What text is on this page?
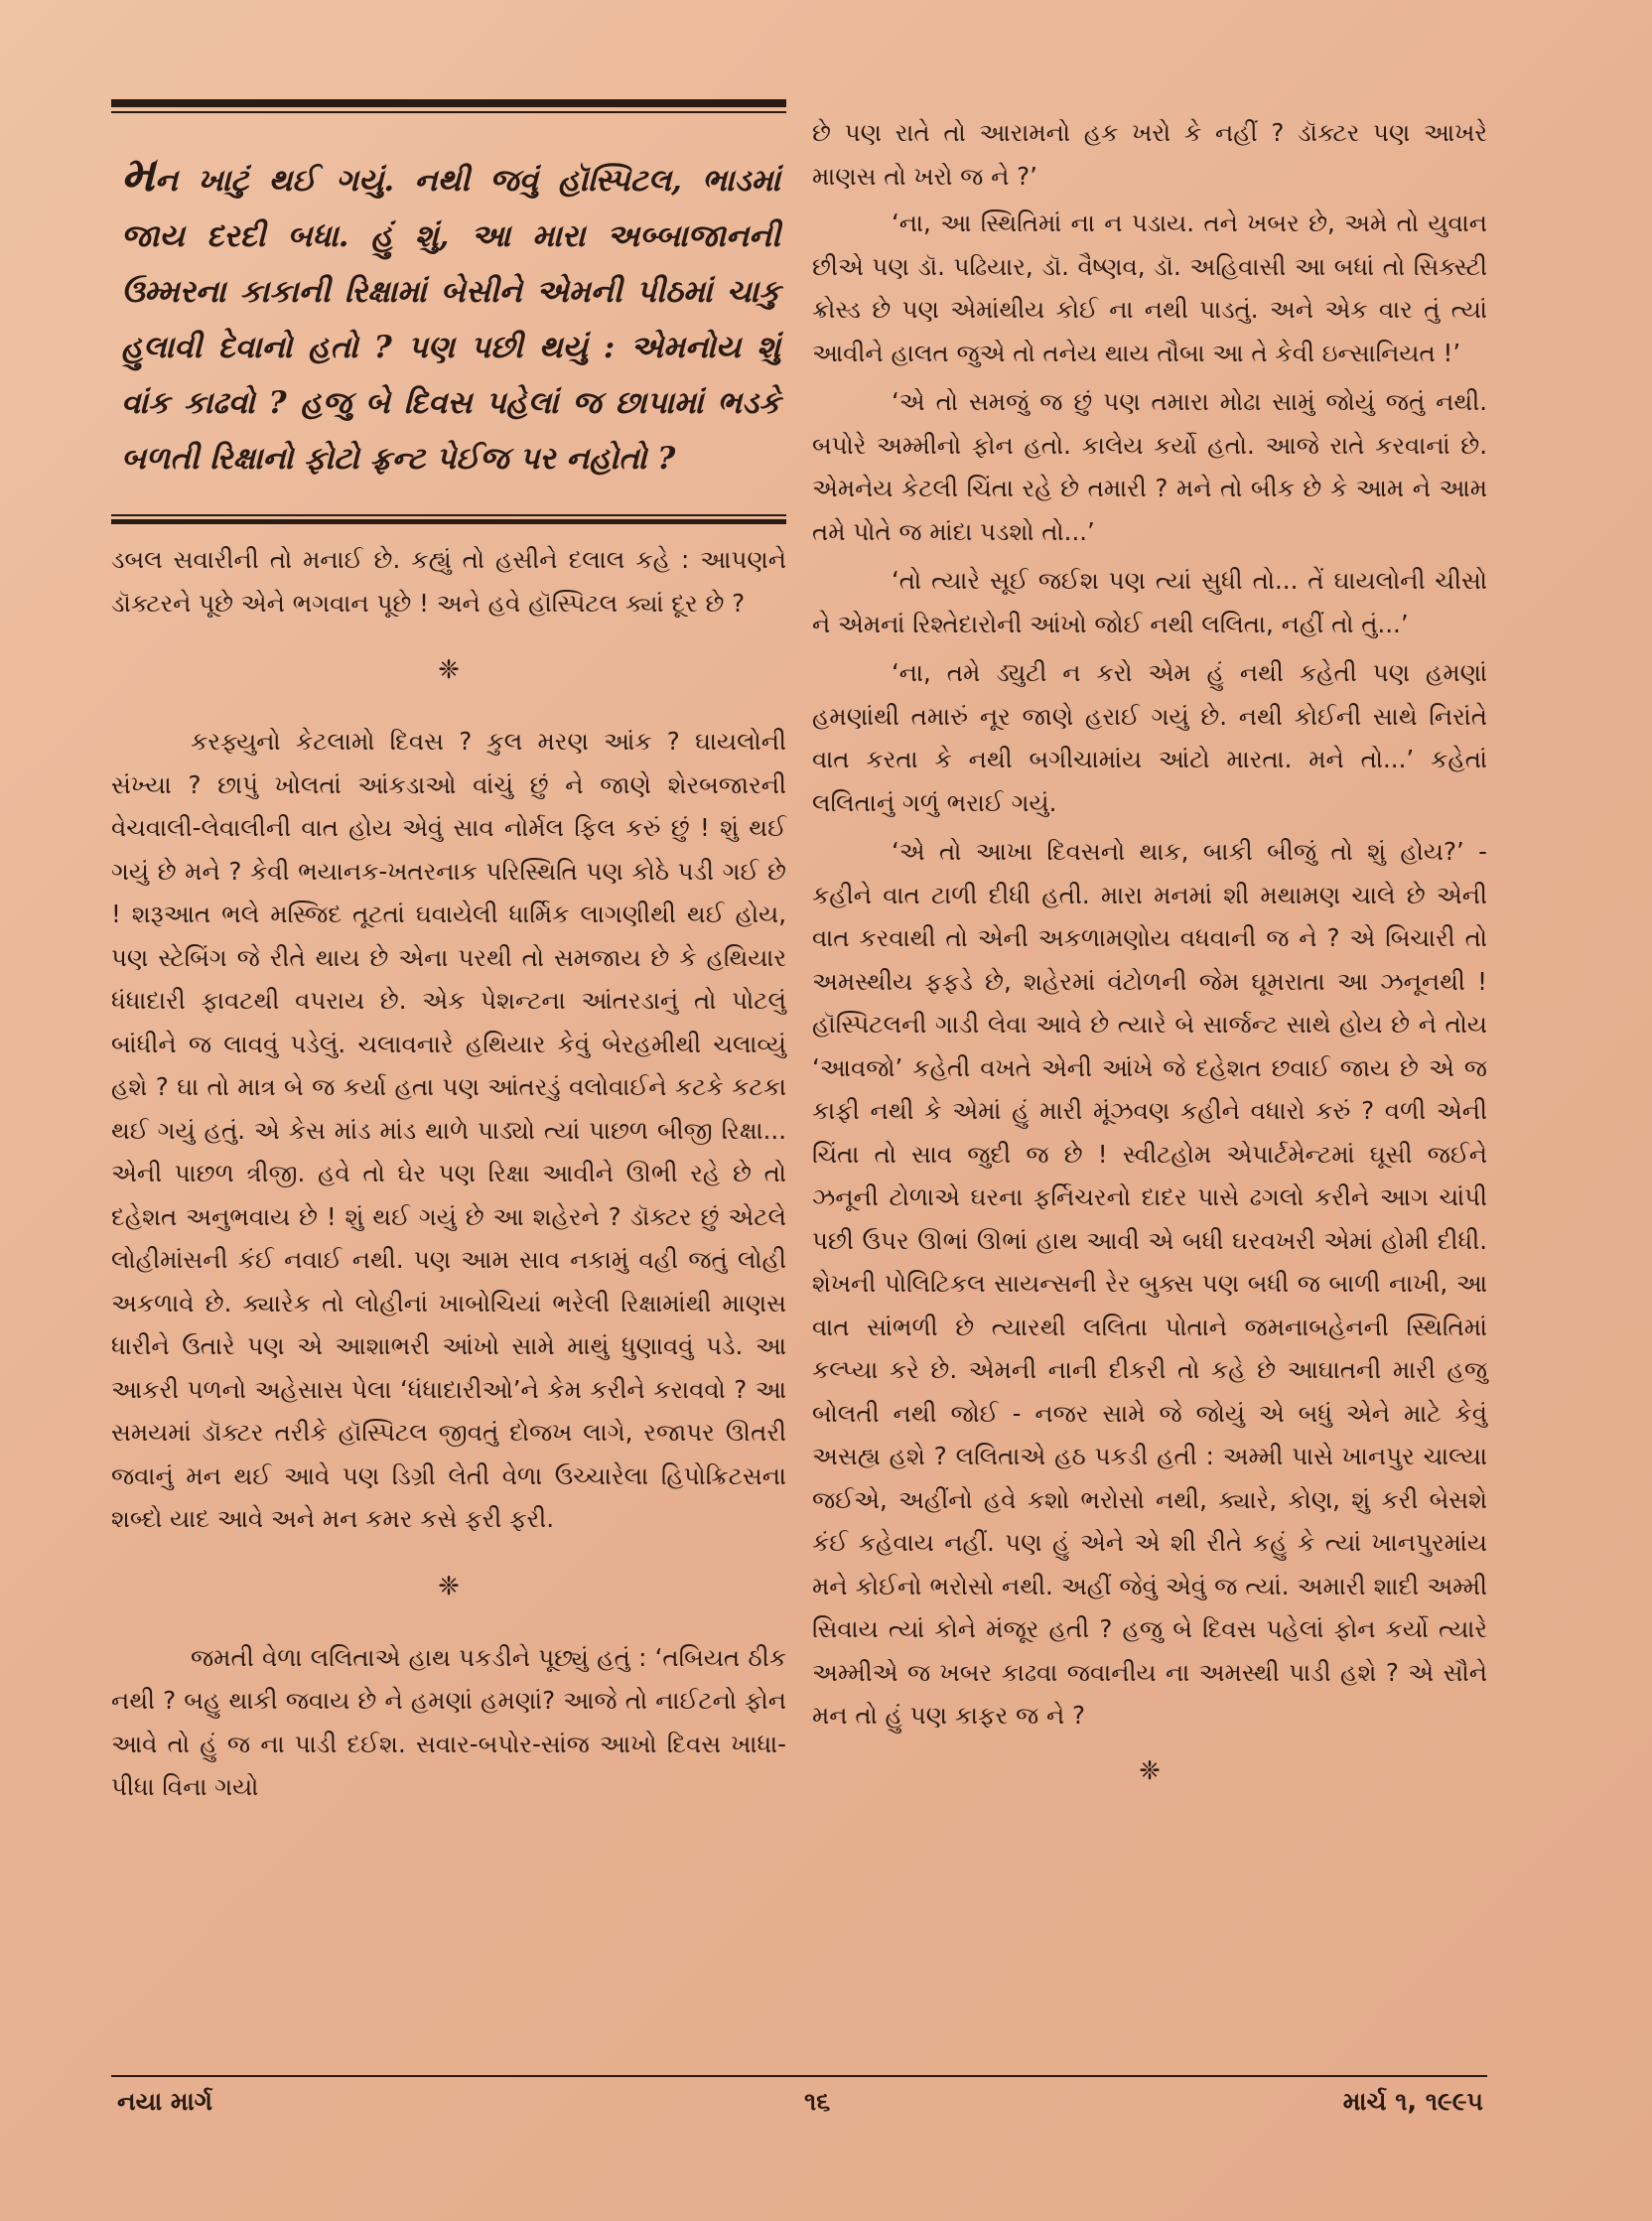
મન ખાટું થઈ ગયું. નથી જવું હૉસ્પિટલ, ભાડમાં જાય દરદી બધા. હું શું, આ મારા અબ્બાજાનની ઉમ્મરના કાકાની રિક્ષામાં બેસીને એમની પીઠમાં ચાકુ હુલાવી દેવાનો હતો ? પણ પછી થયું : એમનોય શું વાંક કાઢવો ? હજુ બે દિવસ પહેલાં જ છાપામાં ભડકે બળતી રિક્ષાનો ફોટો ફ્રન્ટ પેઈજ પર નહોતો ?

ડબલ સવારીની તો મનાઈ છે. કહ્યું તો હસીને દલાલ કહે : આપણને ડૉક્ટરને પૂછે એને ભગવાન પૂછે ! અને હવે હૉસ્પિટલ ક્યાં દૂર છે ?

❈

કરફ્યુનો કેટલામો દિવસ ? કુલ મરણ આંક ? ઘાયલોની સંખ્યા ? છાપું ખોલતાં આંકડાઓ વાંચું છું ને જાણે શેરબજારની વેચવાલી-લેવાલીની વાત હોય એવું સાવ નોર્મલ ફિલ કરું છું ! શું થઈ ગયું છે મને ? કેવી ભયાનક-ખતરનાક પરિસ્થિતિ પણ કોઠે પડી ગઈ છે ! શરૂઆત ભલે મસ્જિદ તૂટતાં ઘવાયેલી ધાર્મિક લાગણીથી થઈ હોય, પણ સ્ટેબિંગ જે રીતે થાય છે એના પરથી તો સમજાય છે કે હથિયાર ધંધાદારી ફાવટથી વપરાય છે. એક પેશન્ટના આંતરડાનું તો પોટલું બાંધીને જ લાવવું પડેલું. ચલાવનારે હથિયાર કેવું બેરહમીથી ચલાવ્યું હશે ? ઘા તો માત્ર બે જ કર્યા હતા પણ આંતરડું વલોવાઈને કટકે કટકા થઈ ગયું હતું. એ કેસ માંડ માંડ થાળે પાડ્યો ત્યાં પાછળ બીજી રિક્ષા... એની પાછળ ત્રીજી. હવે તો ઘેર પણ રિક્ષા આવીને ઊભી રહે છે તો દહેશત અનુભવાય છે ! શું થઈ ગયું છે આ શહેરને ? ડૉક્ટર છું એટલે લોહીમાંસની કંઈ નવાઈ નથી. પણ આમ સાવ નકામું વહી જતું લોહી અકળાવે છે. ક્યારેક તો લોહીનાં ખાબોચિયાં ભરેલી રિક્ષામાંથી માણસ ધારીને ઉતારે પણ એ આશાભરી આંખો સામે માથું ધુણાવવું પડે. આ આકરી પળનો અહેસાસ પેલા ‘ધંધાદારીઓ’ને કેમ કરીને કરાવવો ? આ સમયમાં ડૉક્ટર તરીકે હૉસ્પિટલ જીવતું દોજખ લાગે, રજાપર ઊતરી જવાનું મન થઈ આવે પણ ડિગ્રી લેતી વેળા ઉચ્ચારેલા હિપોક્રિટસના શબ્દો યાદ આવે અને મન કમર કસે ફરી ફરી.

❈

જમતી વેળા લલિતાએ હાથ પકડીને પૂછ્યું હતું : ‘તબિયત ઠીક નથી ? બહુ થાકી જવાય છે ને હમણાં હમણાં? આજે તો નાઈટનો ફોન આવે તો હું જ ના પાડી દઈશ. સવાર-બપોર-સાંજ આખો દિવસ ખાધા-પીધા વિના ગયો

છે પણ રાતે તો આરામનો હક ખરો કે નહીં ? ડૉક્ટર પણ આખરે માણસ તો ખરો જ ને ?’

‘ના, આ સ્થિતિમાં ના ન પડાય. તને ખબર છે, અમે તો યુવાન છીએ પણ ડૉ. પઢિયાર, ડૉ. વૈષ્ણવ, ડૉ. અહિવાસી આ બધાં તો સિક્સ્ટી ક્રોસ્ડ છે પણ એમાંથીય કોઈ ના નથી પાડતું. અને એક વાર તું ત્યાં આવીને હાલત જુએ તો તનેય થાય તૌબા આ તે કેવી ઇન્સાનિયત !’

‘એ તો સમજું જ છું પણ તમારા મોઢા સામું જોયું જતું નથી. બપોરે અમ્મીનો ફોન હતો. કાલેય કર્યો હતો. આજે રાતે કરવાનાં છે. એમનેય કેટલી ચિંતા રહે છે તમારી ? મને તો બીક છે કે આમ ને આમ તમે પોતે જ માંદા પડશો તો...’

‘તો ત્યારે સૂઈ જઈશ પણ ત્યાં સુધી તો... તેં ઘાયલોની ચીસો ને એમનાં રિશ્તેદારોની આંખો જોઈ નથી લલિતા, નહીં તો તું...’

‘ના, તમે ડ્યુટી ન કરો એમ હું નથી કહેતી પણ હમણાં હમણાંથી તમારું નૂર જાણે હરાઈ ગયું છે. નથી કોઈની સાથે નિરાંતે વાત કરતા કે નથી બગીચામાંય આંટો મારતા. મને તો...’ કહેતાં લલિતાનું ગળું ભરાઈ ગયું.

‘એ તો આખા દિવસનો થાક, બાકી બીજું તો શું હોય?’ - કહીને વાત ટાળી દીધી હતી. મારા મનમાં શી મથામણ ચાલે છે એની વાત કરવાથી તો એની અકળામણોય વધવાની જ ને ? એ બિચારી તો અમસ્થીય ફફડે છે, શહેરમાં વંટોળની જેમ ઘૂમરાતા આ ઝનૂનથી ! હૉસ્પિટલની ગાડી લેવા આવે છે ત્યારે બે સાર્જન્ટ સાથે હોય છે ને તોય ‘આવજો’ કહેતી વખતે એની આંખે જે દહેશત છવાઈ જાય છે એ જ કાફી નથી કે એમાં હું મારી મૂંઝવણ કહીને વધારો કરું ? વળી એની ચિંતા તો સાવ જુદી જ છે ! સ્વીટહોમ એપાર્ટમેન્ટમાં ઘૂસી જઈને ઝનૂની ટોળાએ ઘરના ફર્નિચરનો દાદર પાસે ઢગલો કરીને આગ ચાંપી પછી ઉપર ઊભાં ઊભાં હાથ આવી એ બધી ઘરવખરી એમાં હોમી દીધી. શેખની પોલિટિકલ સાયન્સની રેર બુક્સ પણ બધી જ બાળી નાખી, આ વાત સાંભળી છે ત્યારથી લલિતા પોતાને જમનાબહેનની સ્થિતિમાં કલ્પ્યા કરે છે. એમની નાની દીકરી તો કહે છે આઘાતની મારી હજુ બોલતી નથી જોઈ - નજર સામે જે જોયું એ બધું એને માટે કેવું અસહ્ય હશે ? લલિતાએ હઠ પકડી હતી : અમ્મી પાસે ખાનપુર ચાલ્યા જઈએ, અહીંનો હવે કશો ભરોસો નથી, ક્યારે, કોણ, શું કરી બેસશે કંઈ કહેવાય નહીં. પણ હું એને એ શી રીતે કહું કે ત્યાં ખાનપુરમાંય મને કોઈનો ભરોસો નથી. અહીં જેવું એવું જ ત્યાં. અમારી શાદી અમ્મી સિવાય ત્યાં કોને મંજૂર હતી ? હજુ બે દિવસ પહેલાં ફોન કર્યો ત્યારે અમ્મીએ જ ખબર કાઢવા જવાનીય ના અમસ્થી પાડી હશે ? એ સૌને મન તો હું પણ કાફર જ ને ?

❈
નયા માર્ગ	૧૬	માર્ચ ૧, ૧૯૯૫
